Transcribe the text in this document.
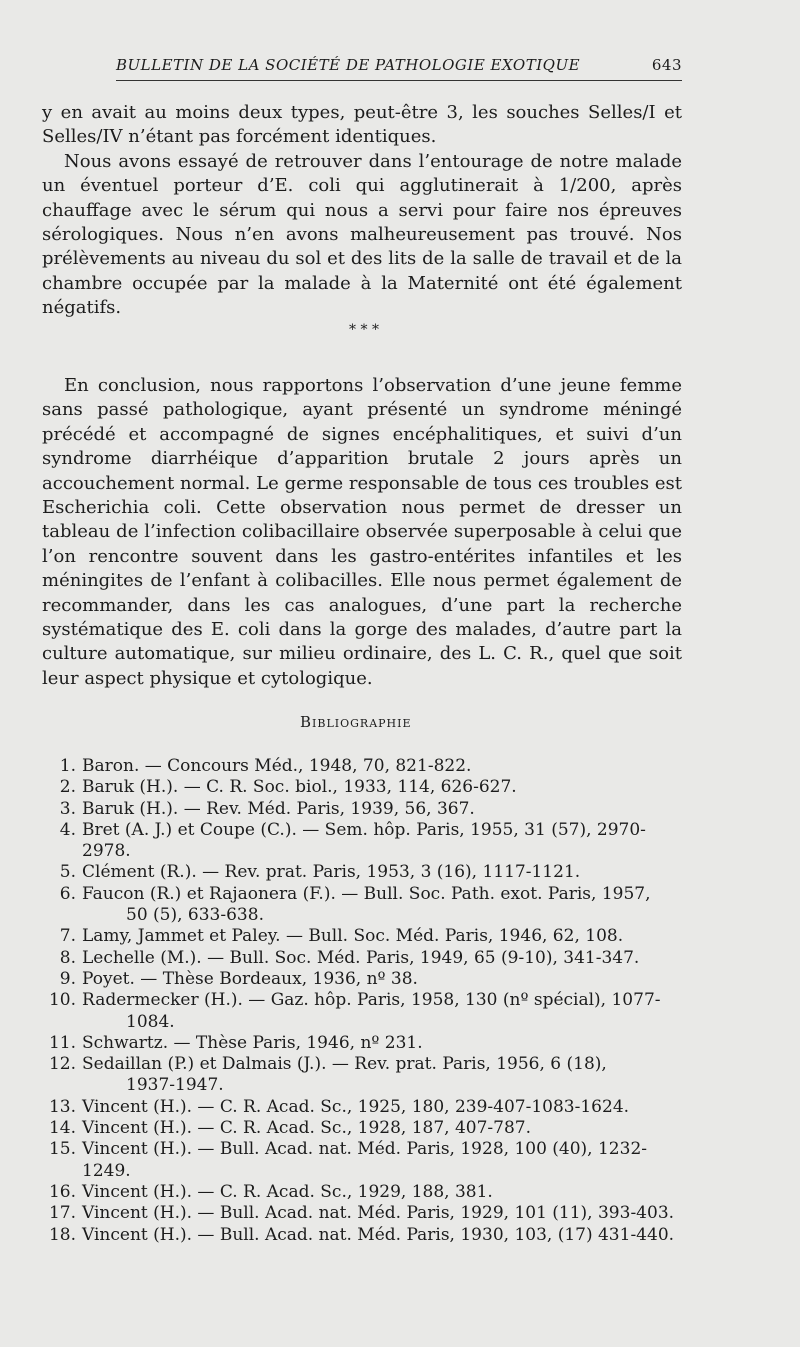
BULLETIN DE LA SOCIÉTÉ DE PATHOLOGIE EXOTIQUE	643

y en avait au moins deux types, peut-être 3, les souches Selles/I et Selles/IV n’étant pas forcément identiques.

Nous avons essayé de retrouver dans l’entourage de notre malade un éventuel porteur d’E. coli qui agglutinerait à 1/200, après chauffage avec le sérum qui nous a servi pour faire nos épreuves sérologiques. Nous n’en avons malheureusement pas trouvé. Nos prélèvements au niveau du sol et des lits de la salle de travail et de la chambre occupée par la malade à la Maternité ont été également négatifs.

* * *

En conclusion, nous rapportons l’observation d’une jeune femme sans passé pathologique, ayant présenté un syndrome méningé précédé et accompagné de signes encéphalitiques, et suivi d’un syndrome diarrhéique d’apparition brutale 2 jours après un accouchement normal. Le germe responsable de tous ces troubles est Escherichia coli. Cette observation nous permet de dresser un tableau de l’infection colibacillaire observée superposable à celui que l’on rencontre souvent dans les gastro-entérites infantiles et les méningites de l’enfant à colibacilles. Elle nous permet également de recommander, dans les cas analogues, d’une part la recherche systématique des E. coli dans la gorge des malades, d’autre part la culture automatique, sur milieu ordinaire, des L. C. R., quel que soit leur aspect physique et cytologique.

Bibliographie
1. Baron. — Concours Méd., 1948, 70, 821-822.
2. Baruk (H.). — C. R. Soc. biol., 1933, 114, 626-627.
3. Baruk (H.). — Rev. Méd. Paris, 1939, 56, 367.
4. Bret (A. J.) et Coupe (C.). — Sem. hôp. Paris, 1955, 31 (57), 2970-2978.
5. Clément (R.). — Rev. prat. Paris, 1953, 3 (16), 1117-1121.
6. Faucon (R.) et Rajaonera (F.). — Bull. Soc. Path. exot. Paris, 1957,
50 (5), 633-638.
7. Lamy, Jammet et Paley. — Bull. Soc. Méd. Paris, 1946, 62, 108.
8. Lechelle (M.). — Bull. Soc. Méd. Paris, 1949, 65 (9-10), 341-347.
9. Poyet. — Thèse Bordeaux, 1936, nº 38.
10. Radermecker (H.). — Gaz. hôp. Paris, 1958, 130 (nº spécial), 1077-
1084.
11. Schwartz. — Thèse Paris, 1946, nº 231.
12. Sedaillan (P.) et Dalmais (J.). — Rev. prat. Paris, 1956, 6 (18),
1937-1947.
13. Vincent (H.). — C. R. Acad. Sc., 1925, 180, 239-407-1083-1624.
14. Vincent (H.). — C. R. Acad. Sc., 1928, 187, 407-787.
15. Vincent (H.). — Bull. Acad. nat. Méd. Paris, 1928, 100 (40), 1232-1249.
16. Vincent (H.). — C. R. Acad. Sc., 1929, 188, 381.
17. Vincent (H.). — Bull. Acad. nat. Méd. Paris, 1929, 101 (11), 393-403.
18. Vincent (H.). — Bull. Acad. nat. Méd. Paris, 1930, 103, (17) 431-440.
